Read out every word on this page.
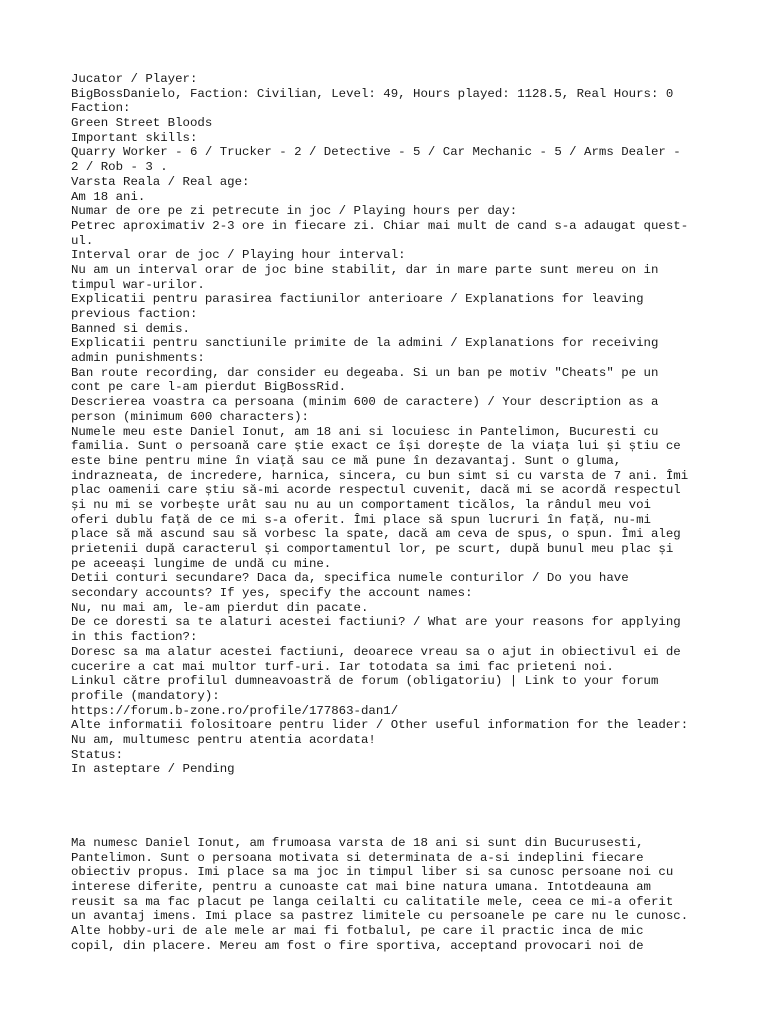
Jucator / Player:
BigBossDanielo, Faction: Civilian, Level: 49, Hours played: 1128.5, Real Hours: 0
Faction:
Green Street Bloods
Important skills:
Quarry Worker - 6 / Trucker - 2 / Detective - 5 / Car Mechanic - 5 / Arms Dealer -
2 / Rob - 3 .
Varsta Reala / Real age:
Am 18 ani.
Numar de ore pe zi petrecute in joc / Playing hours per day:
Petrec aproximativ 2-3 ore in fiecare zi. Chiar mai mult de cand s-a adaugat quest-
ul.
Interval orar de joc / Playing hour interval:
Nu am un interval orar de joc bine stabilit, dar in mare parte sunt mereu on in
timpul war-urilor.
Explicatii pentru parasirea factiunilor anterioare / Explanations for leaving
previous faction:
Banned si demis.
Explicatii pentru sanctiunile primite de la admini / Explanations for receiving
admin punishments:
Ban route recording, dar consider eu degeaba. Si un ban pe motiv "Cheats" pe un
cont pe care l-am pierdut BigBossRid.
Descrierea voastra ca persoana (minim 600 de caractere) / Your description as a
person (minimum 600 characters):
Numele meu este Daniel Ionut, am 18 ani si locuiesc in Pantelimon, Bucuresti cu
familia. Sunt o persoană care știe exact ce își dorește de la viața lui și știu ce
este bine pentru mine în viață sau ce mă pune în dezavantaj. Sunt o gluma,
indrazneata, de incredere, harnica, sincera, cu bun simt si cu varsta de 7 ani. Îmi
plac oamenii care știu să-mi acorde respectul cuvenit, dacă mi se acordă respectul
și nu mi se vorbește urât sau nu au un comportament ticălos, la rândul meu voi
oferi dublu față de ce mi s-a oferit. Îmi place să spun lucruri în față, nu-mi
place să mă ascund sau să vorbesc la spate, dacă am ceva de spus, o spun. Îmi aleg
prietenii după caracterul și comportamentul lor, pe scurt, după bunul meu plac și
pe aceeași lungime de undă cu mine.
Detii conturi secundare? Daca da, specifica numele conturilor / Do you have
secondary accounts? If yes, specify the account names:
Nu, nu mai am, le-am pierdut din pacate.
De ce doresti sa te alaturi acestei factiuni? / What are your reasons for applying
in this faction?:
Doresc sa ma alatur acestei factiuni, deoarece vreau sa o ajut in obiectivul ei de
cucerire a cat mai multor turf-uri. Iar totodata sa imi fac prieteni noi.
Linkul către profilul dumneavoastră de forum (obligatoriu) | Link to your forum
profile (mandatory):
https://forum.b-zone.ro/profile/177863-dan1/
Alte informatii folositoare pentru lider / Other useful information for the leader:
Nu am, multumesc pentru atentia acordata!
Status:
In asteptare / Pending
Ma numesc Daniel Ionut, am frumoasa varsta de 18 ani si sunt din Bucurusesti,
Pantelimon. Sunt o persoana motivata si determinata de a-si indeplini fiecare
obiectiv propus. Imi place sa ma joc in timpul liber si sa cunosc persoane noi cu
interese diferite, pentru a cunoaste cat mai bine natura umana. Intotdeauna am
reusit sa ma fac placut pe langa ceilalti cu calitatile mele, ceea ce mi-a oferit
un avantaj imens. Imi place sa pastrez limitele cu persoanele pe care nu le cunosc.
Alte hobby-uri de ale mele ar mai fi fotbalul, pe care il practic inca de mic
copil, din placere. Mereu am fost o fire sportiva, acceptand provocari noi de
